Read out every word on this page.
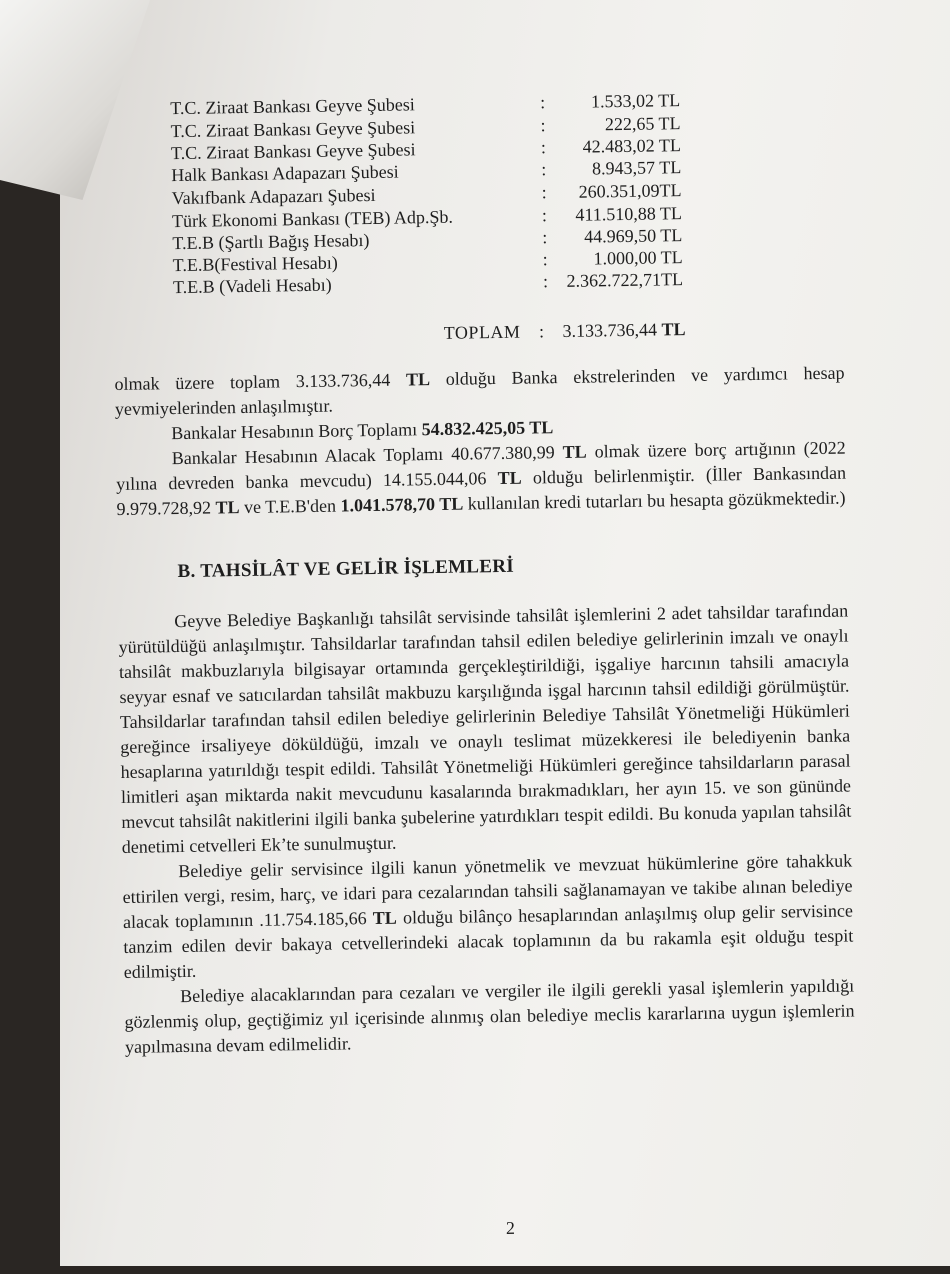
T.C. Ziraat Bankası Geyve Şubesi	:	1.533,02 TL
T.C. Ziraat Bankası Geyve Şubesi	:	222,65 TL
T.C. Ziraat Bankası Geyve Şubesi	:	42.483,02 TL
Halk Bankası Adapazarı Şubesi	:	8.943,57 TL
Vakıfbank Adapazarı Şubesi	:	260.351,09TL
Türk Ekonomi Bankası (TEB) Adp.Şb.	:	411.510,88 TL
T.E.B (Şartlı Bağış Hesabı)	:	44.969,50 TL
T.E.B(Festival Hesabı)	:	1.000,00 TL
T.E.B (Vadeli Hesabı)	:	2.362.722,71TL
TOPLAM : 3.133.736,44 TL

olmak üzere toplam 3.133.736,44 TL olduğu Banka ekstrelerinden ve yardımcı hesap yevmiyelerinden anlaşılmıştır.

Bankalar Hesabının Borç Toplamı 54.832.425,05 TL

Bankalar Hesabının Alacak Toplamı 40.677.380,99 TL olmak üzere borç artığının (2022 yılına devreden banka mevcudu) 14.155.044,06 TL olduğu belirlenmiştir. (İller Bankasından 9.979.728,92 TL ve T.E.B'den 1.041.578,70 TL kullanılan kredi tutarları bu hesapta gözükmektedir.)

B. TAHSİLÂT VE GELİR İŞLEMLERİ

Geyve Belediye Başkanlığı tahsilât servisinde tahsilât işlemlerini 2 adet tahsildar tarafından yürütüldüğü anlaşılmıştır. Tahsildarlar tarafından tahsil edilen belediye gelirlerinin imzalı ve onaylı tahsilât makbuzlarıyla bilgisayar ortamında gerçekleştirildiği, işgaliye harcının tahsili amacıyla seyyar esnaf ve satıcılardan tahsilât makbuzu karşılığında işgal harcının tahsil edildiği görülmüştür. Tahsildarlar tarafından tahsil edilen belediye gelirlerinin Belediye Tahsilât Yönetmeliği Hükümleri gereğince irsaliyeye döküldüğü, imzalı ve onaylı teslimat müzekkeresi ile belediyenin banka hesaplarına yatırıldığı tespit edildi. Tahsilât Yönetmeliği Hükümleri gereğince tahsildarların parasal limitleri aşan miktarda nakit mevcudunu kasalarında bırakmadıkları, her ayın 15. ve son gününde mevcut tahsilât nakitlerini ilgili banka şubelerine yatırdıkları tespit edildi. Bu konuda yapılan tahsilât denetimi cetvelleri Ek’te sunulmuştur.

Belediye gelir servisince ilgili kanun yönetmelik ve mevzuat hükümlerine göre tahakkuk ettirilen vergi, resim, harç, ve idari para cezalarından tahsili sağlanamayan ve takibe alınan belediye alacak toplamının .11.754.185,66 TL olduğu bilânço hesaplarından anlaşılmış olup gelir servisince tanzim edilen devir bakaya cetvellerindeki alacak toplamının da bu rakamla eşit olduğu tespit edilmiştir.

Belediye alacaklarından para cezaları ve vergiler ile ilgili gerekli yasal işlemlerin yapıldığı gözlenmiş olup, geçtiğimiz yıl içerisinde alınmış olan belediye meclis kararlarına uygun işlemlerin yapılmasına devam edilmelidir.

2
